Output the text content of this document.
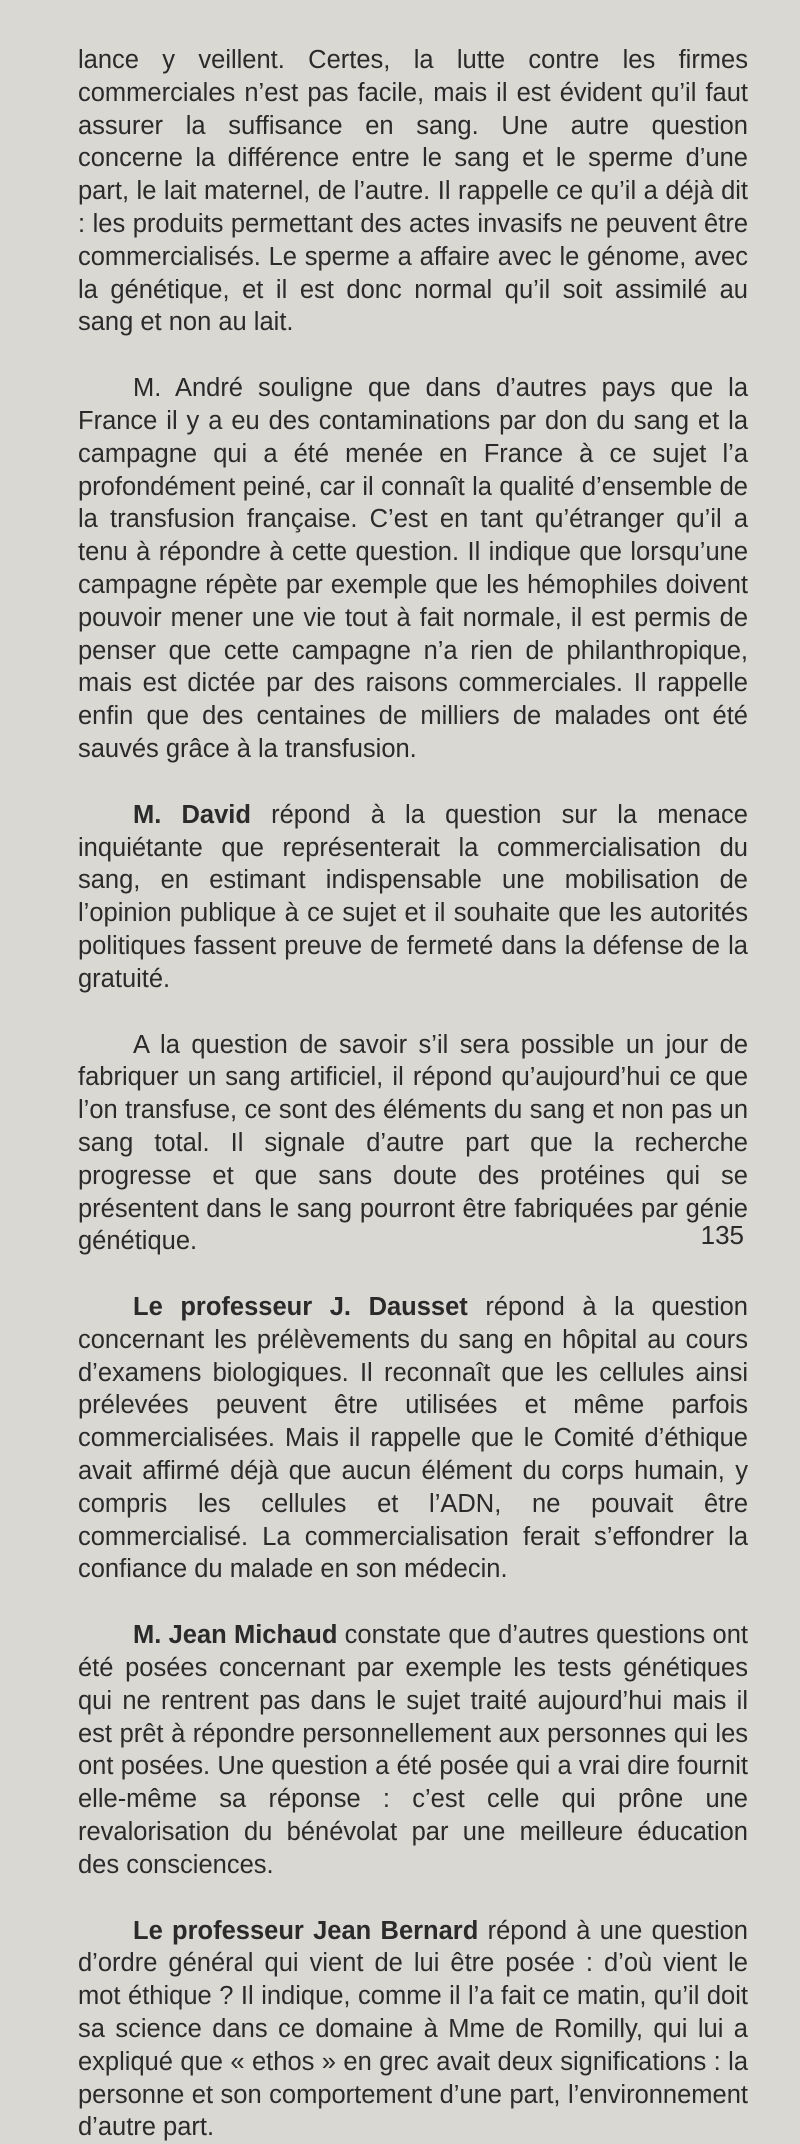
lance y veillent. Certes, la lutte contre les firmes commerciales n’est pas facile, mais il est évident qu’il faut assurer la suffisance en sang. Une autre question concerne la différence entre le sang et le sperme d’une part, le lait maternel, de l’autre. Il rappelle ce qu’il a déjà dit : les produits permettant des actes invasifs ne peuvent être commercialisés. Le sperme a affaire avec le génome, avec la génétique, et il est donc normal qu’il soit assimilé au sang et non au lait.

M. André souligne que dans d’autres pays que la France il y a eu des contaminations par don du sang et la campagne qui a été menée en France à ce sujet l’a profondément peiné, car il connaît la qualité d’ensemble de la transfusion française. C’est en tant qu’étranger qu’il a tenu à répondre à cette question. Il indique que lorsqu’une campagne répète par exemple que les hémophiles doivent pouvoir mener une vie tout à fait normale, il est permis de penser que cette campagne n’a rien de philanthropique, mais est dictée par des raisons commerciales. Il rappelle enfin que des centaines de milliers de malades ont été sauvés grâce à la transfusion.

M. David répond à la question sur la menace inquiétante que représenterait la commercialisation du sang, en estimant indispensable une mobilisation de l’opinion publique à ce sujet et il souhaite que les autorités politiques fassent preuve de fermeté dans la défense de la gratuité.

A la question de savoir s’il sera possible un jour de fabriquer un sang artificiel, il répond qu’aujourd’hui ce que l’on transfuse, ce sont des éléments du sang et non pas un sang total. Il signale d’autre part que la recherche progresse et que sans doute des protéines qui se présentent dans le sang pourront être fabriquées par génie génétique.

Le professeur J. Dausset répond à la question concernant les prélèvements du sang en hôpital au cours d’examens biologiques. Il reconnaît que les cellules ainsi prélevées peuvent être utilisées et même parfois commercialisées. Mais il rappelle que le Comité d’éthique avait affirmé déjà que aucun élément du corps humain, y compris les cellules et l’ADN, ne pouvait être commercialisé. La commercialisation ferait s’effondrer la confiance du malade en son médecin.

M. Jean Michaud constate que d’autres questions ont été posées concernant par exemple les tests génétiques qui ne rentrent pas dans le sujet traité aujourd’hui mais il est prêt à répondre personnellement aux personnes qui les ont posées. Une question a été posée qui a vrai dire fournit elle-même sa réponse : c’est celle qui prône une revalorisation du bénévolat par une meilleure éducation des consciences.

Le professeur Jean Bernard répond à une question d’ordre général qui vient de lui être posée : d’où vient le mot éthique ? Il indique, comme il l’a fait ce matin, qu’il doit sa science dans ce domaine à Mme de Romilly, qui lui a expliqué que « ethos » en grec avait deux significations : la personne et son comportement d’une part, l’environnement d’autre part.

135
